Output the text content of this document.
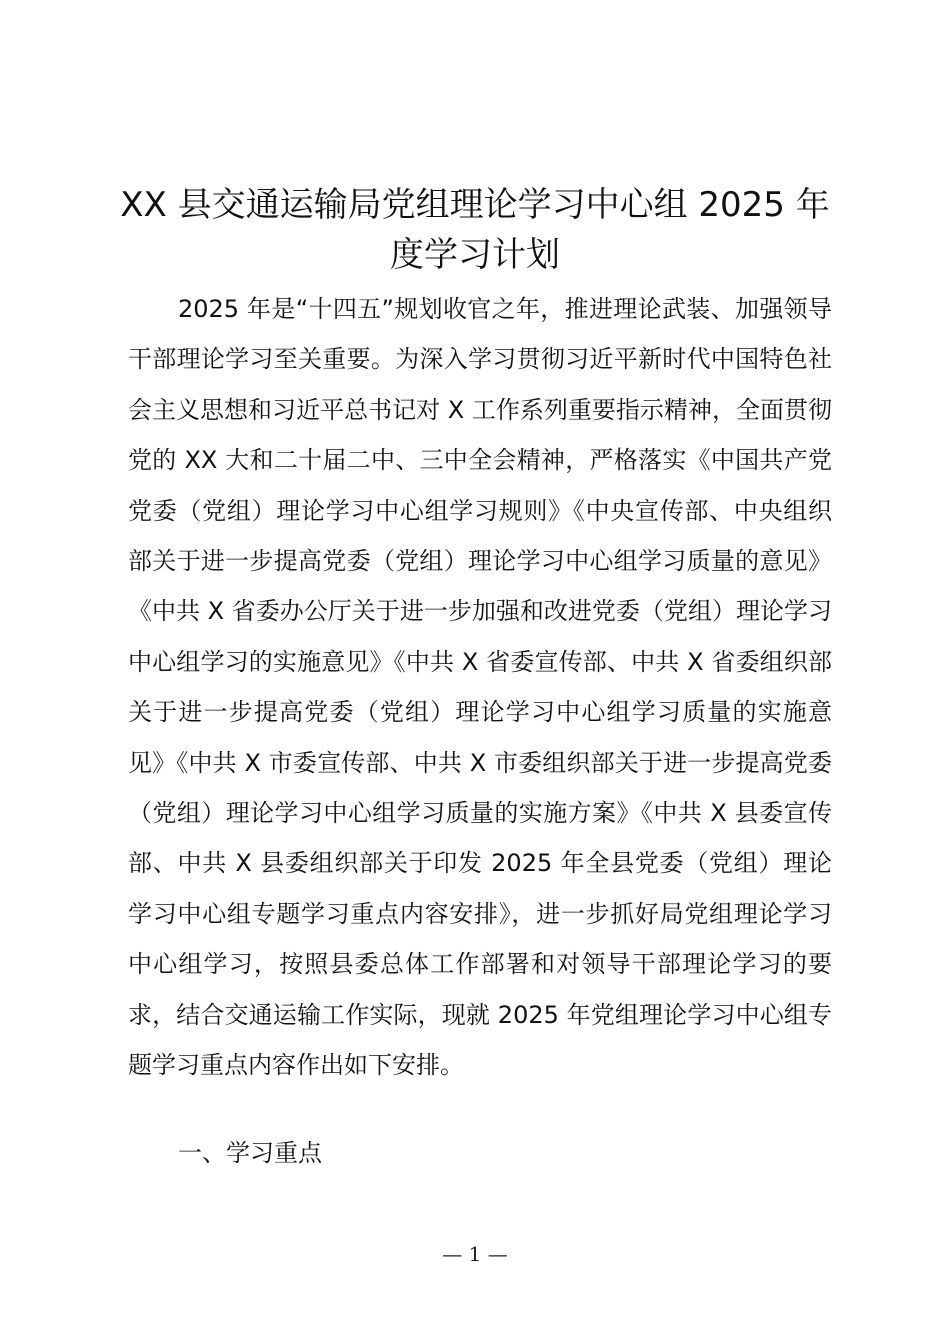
XX 县交通运输局党组理论学习中心组 2025 年度学习计划

2025 年是“十四五”规划收官之年，推进理论武装、加强领导干部理论学习至关重要。为深入学习贯彻习近平新时代中国特色社会主义思想和习近平总书记对 X 工作系列重要指示精神，全面贯彻党的 XX 大和二十届二中、三中全会精神，严格落实《中国共产党党委（党组）理论学习中心组学习规则》《中央宣传部、中央组织部关于进一步提高党委（党组）理论学习中心组学习质量的意见》《中共 X 省委办公厅关于进一步加强和改进党委（党组）理论学习中心组学习的实施意见》《中共 X 省委宣传部、中共 X 省委组织部关于进一步提高党委（党组）理论学习中心组学习质量的实施意见》《中共 X 市委宣传部、中共 X 市委组织部关于进一步提高党委（党组）理论学习中心组学习质量的实施方案》《中共 X 县委宣传部、中共 X 县委组织部关于印发 2025 年全县党委（党组）理论学习中心组专题学习重点内容安排》，进一步抓好局党组理论学习中心组学习，按照县委总体工作部署和对领导干部理论学习的要求，结合交通运输工作实际，现就 2025 年党组理论学习中心组专题学习重点内容作出如下安排。

一、学习重点

— 1 —
